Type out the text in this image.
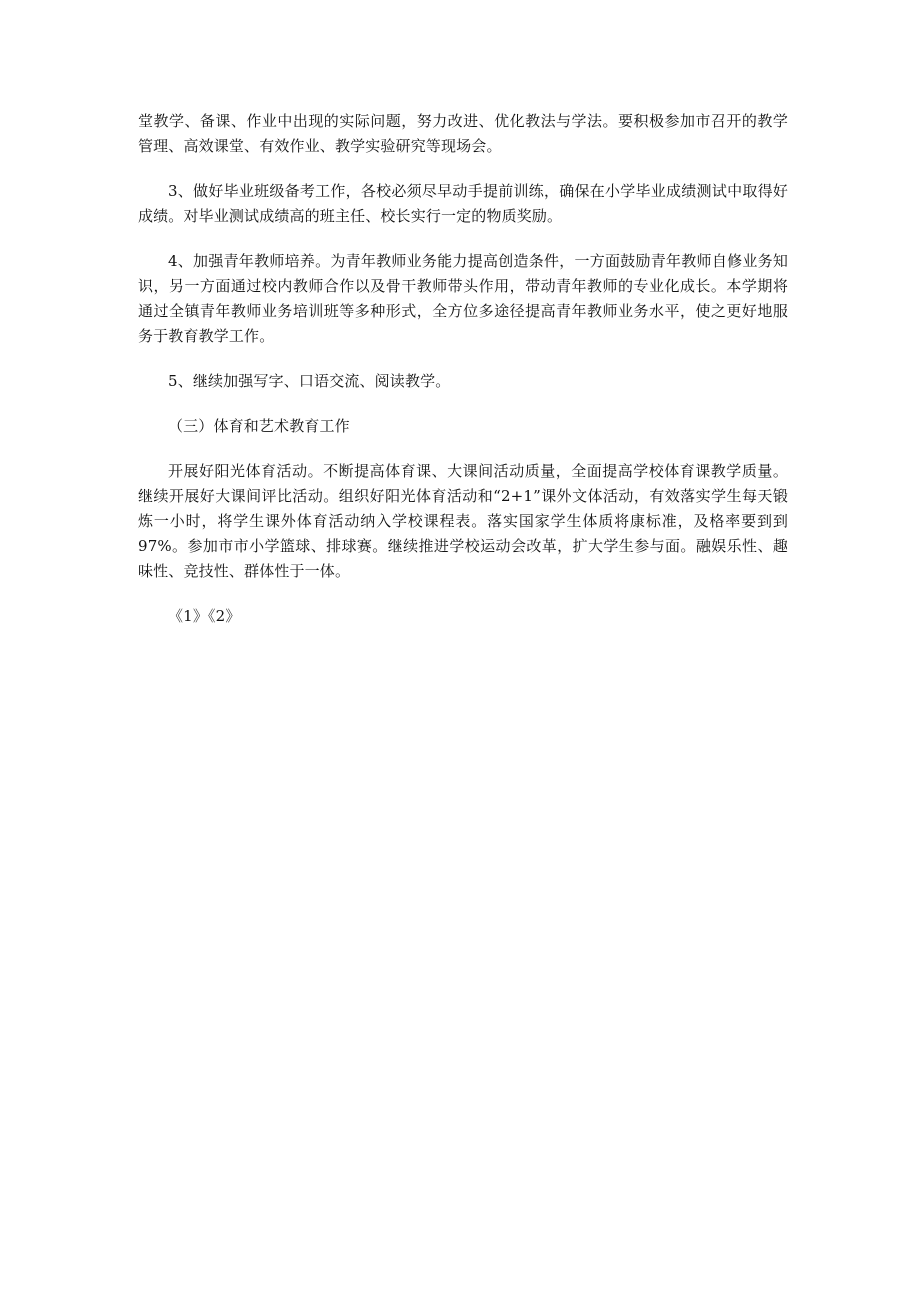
堂教学、备课、作业中出现的实际问题，努力改进、优化教法与学法。要积极参加市召开的教学管理、高效课堂、有效作业、教学实验研究等现场会。

3、做好毕业班级备考工作，各校必须尽早动手提前训练，确保在小学毕业成绩测试中取得好成绩。对毕业测试成绩高的班主任、校长实行一定的物质奖励。

4、加强青年教师培养。为青年教师业务能力提高创造条件，一方面鼓励青年教师自修业务知识，另一方面通过校内教师合作以及骨干教师带头作用，带动青年教师的专业化成长。本学期将通过全镇青年教师业务培训班等多种形式，全方位多途径提高青年教师业务水平，使之更好地服务于教育教学工作。

5、继续加强写字、口语交流、阅读教学。

（三）体育和艺术教育工作

开展好阳光体育活动。不断提高体育课、大课间活动质量，全面提高学校体育课教学质量。继续开展好大课间评比活动。组织好阳光体育活动和“2+1”课外文体活动，有效落实学生每天锻炼一小时，将学生课外体育活动纳入学校课程表。落实国家学生体质将康标准，及格率要到到97%。参加市市小学篮球、排球赛。继续推进学校运动会改革，扩大学生参与面。融娱乐性、趣味性、竞技性、群体性于一体。

《1》《2》
